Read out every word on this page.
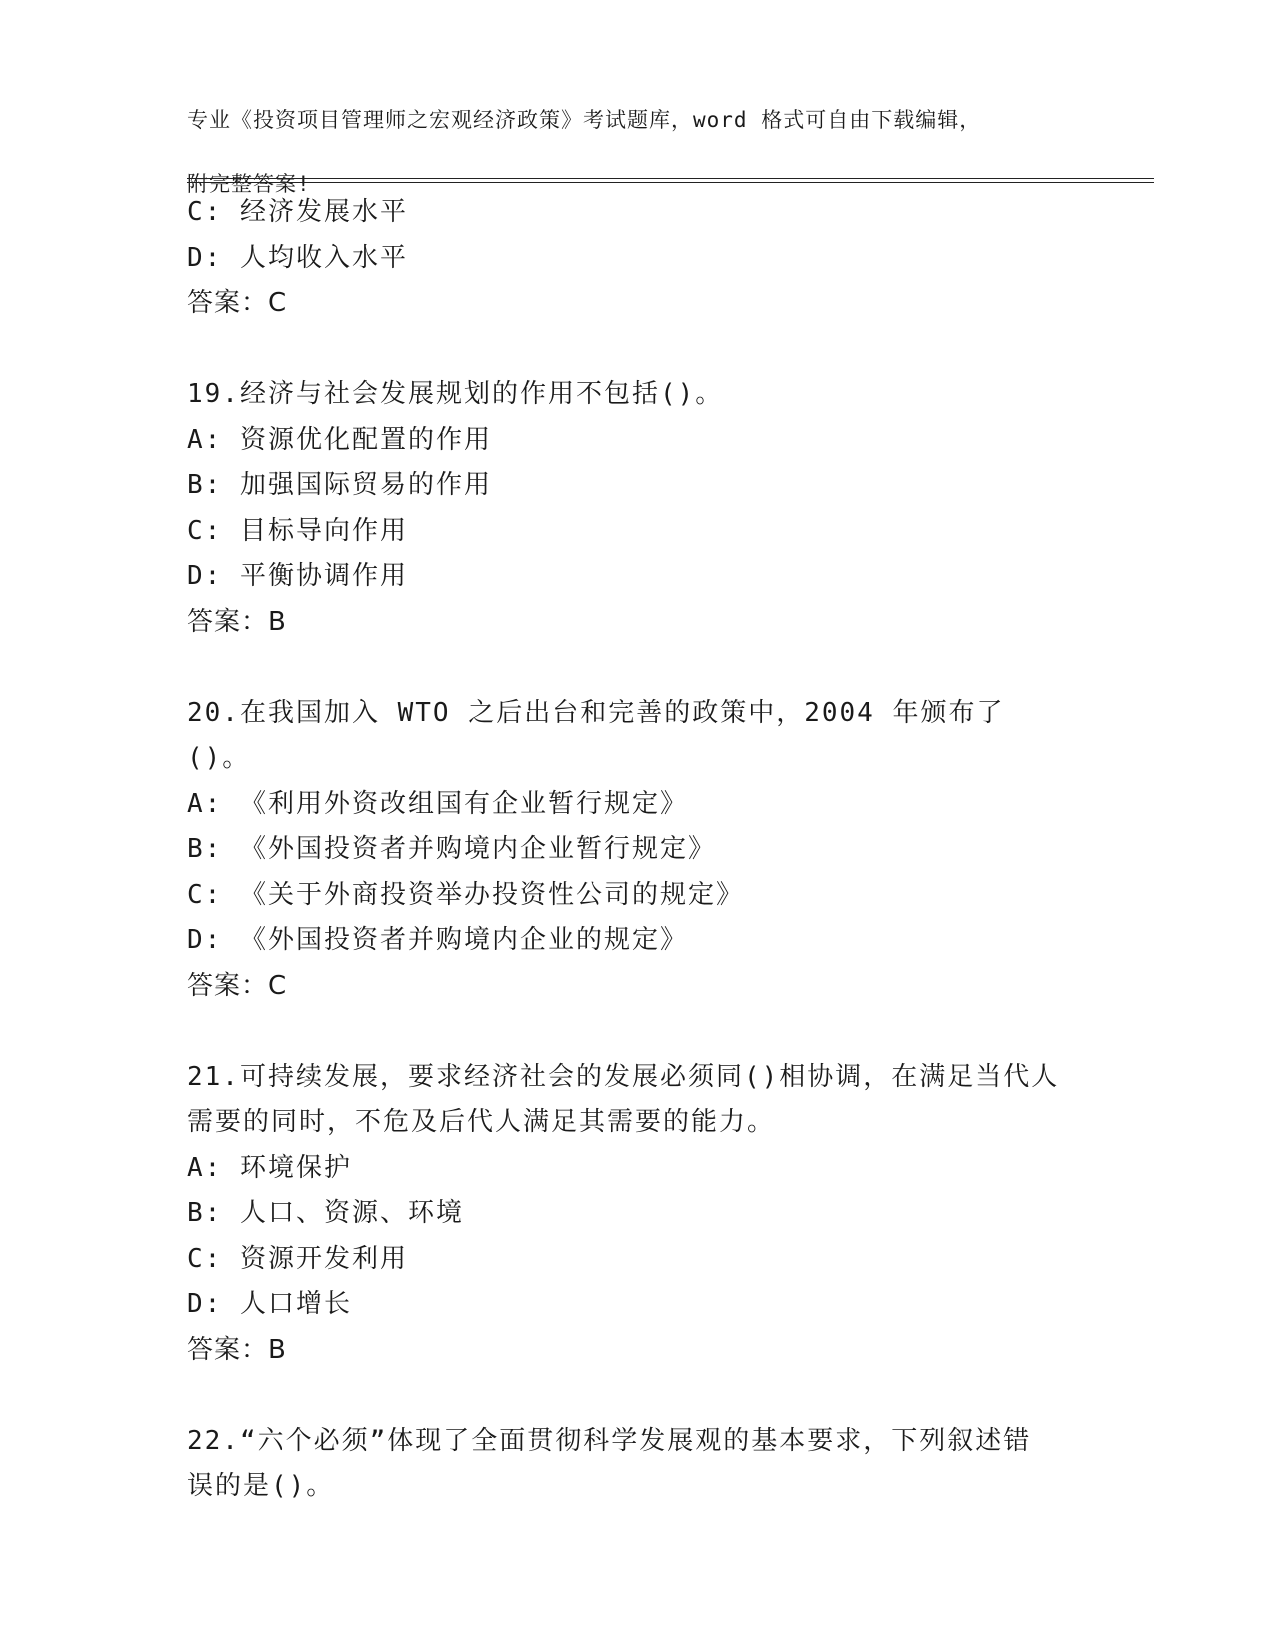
专业《投资项目管理师之宏观经济政策》考试题库，word 格式可自由下载编辑，

附完整答案!

C: 经济发展水平
D: 人均收入水平
答案：C
19.经济与社会发展规划的作用不包括()。
A: 资源优化配置的作用
B: 加强国际贸易的作用
C: 目标导向作用
D: 平衡协调作用
答案：B
20.在我国加入 WTO 之后出台和完善的政策中，2004 年颁布了()。
A: 《利用外资改组国有企业暂行规定》
B: 《外国投资者并购境内企业暂行规定》
C: 《关于外商投资举办投资性公司的规定》
D: 《外国投资者并购境内企业的规定》
答案：C
21.可持续发展，要求经济社会的发展必须同()相协调，在满足当代人
需要的同时，不危及后代人满足其需要的能力。
A: 环境保护
B: 人口、资源、环境
C: 资源开发利用
D: 人口增长
答案：B
22.“六个必须”体现了全面贯彻科学发展观的基本要求，下列叙述错
误的是()。
